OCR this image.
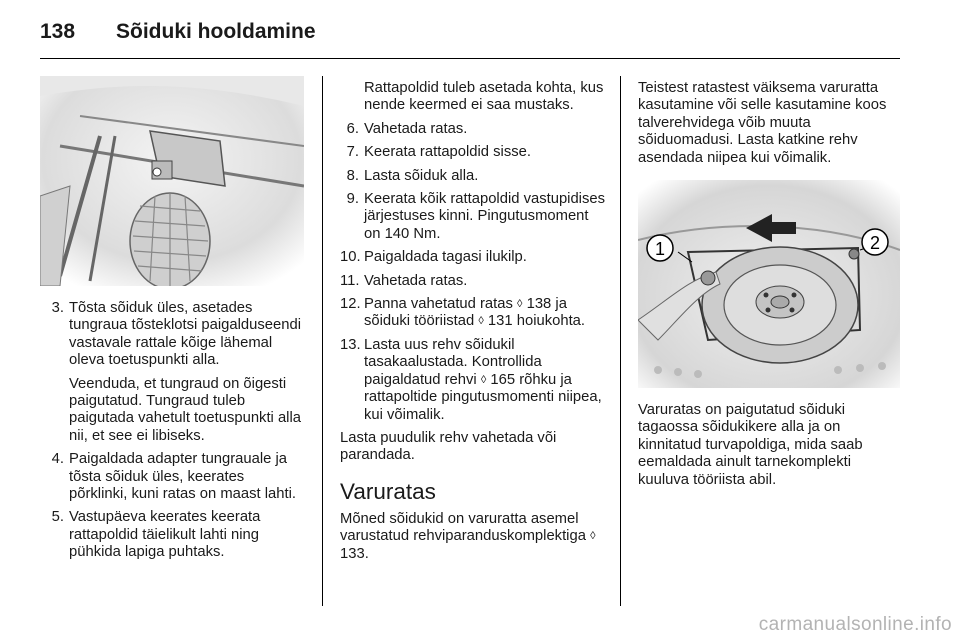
138 Sõiduki hooldamine
3. Tõsta sõiduk üles, asetades tungraua tõsteklotsi paigalduseendi vastavale rattale kõige lähemal oleva toetuspunkti alla.
Veenduda, et tungraud on õigesti paigutatud. Tungraud tuleb paigutada vahetult toetuspunkti alla nii, et see ei libiseks.
4. Paigaldada adapter tungrauale ja tõsta sõiduk üles, keerates põrklinki, kuni ratas on maast lahti.
5. Vastupäeva keerates keerata rattapoldid täielikult lahti ning pühkida lapiga puhtaks.
Rattapoldid tuleb asetada kohta, kus nende keermed ei saa mustaks.
6. Vahetada ratas.
7. Keerata rattapoldid sisse.
8. Lasta sõiduk alla.
9. Keerata kõik rattapoldid vastupidises järjestuses kinni. Pingutusmoment on 140 Nm.
10. Paigaldada tagasi ilukilp.
11. Vahetada ratas.
12. Panna vahetatud ratas ◊ 138 ja sõiduki tööriistad ◊ 131 hoiukohta.
13. Lasta uus rehv sõidukil tasakaalustada. Kontrollida paigaldatud rehvi ◊ 165 rõhku ja rattapoltide pingutusmomenti niipea, kui võimalik.

Lasta puudulik rehv vahetada või parandada.

Varuratas

Mõned sõidukid on varuratta asemel varustatud rehviparanduskomplektiga ◊ 133.

Teistest ratastest väiksema varuratta kasutamine või selle kasutamine koos talverehvidega võib muuta sõiduomadusi. Lasta katkine rehv asendada niipea kui võimalik.

1	2

Varuratas on paigutatud sõiduki tagaossa sõidukikere alla ja on kinnitatud turvapoldiga, mida saab eemaldada ainult tarnekomplekti kuuluva tööriista abil.

carmanualsonline.info
